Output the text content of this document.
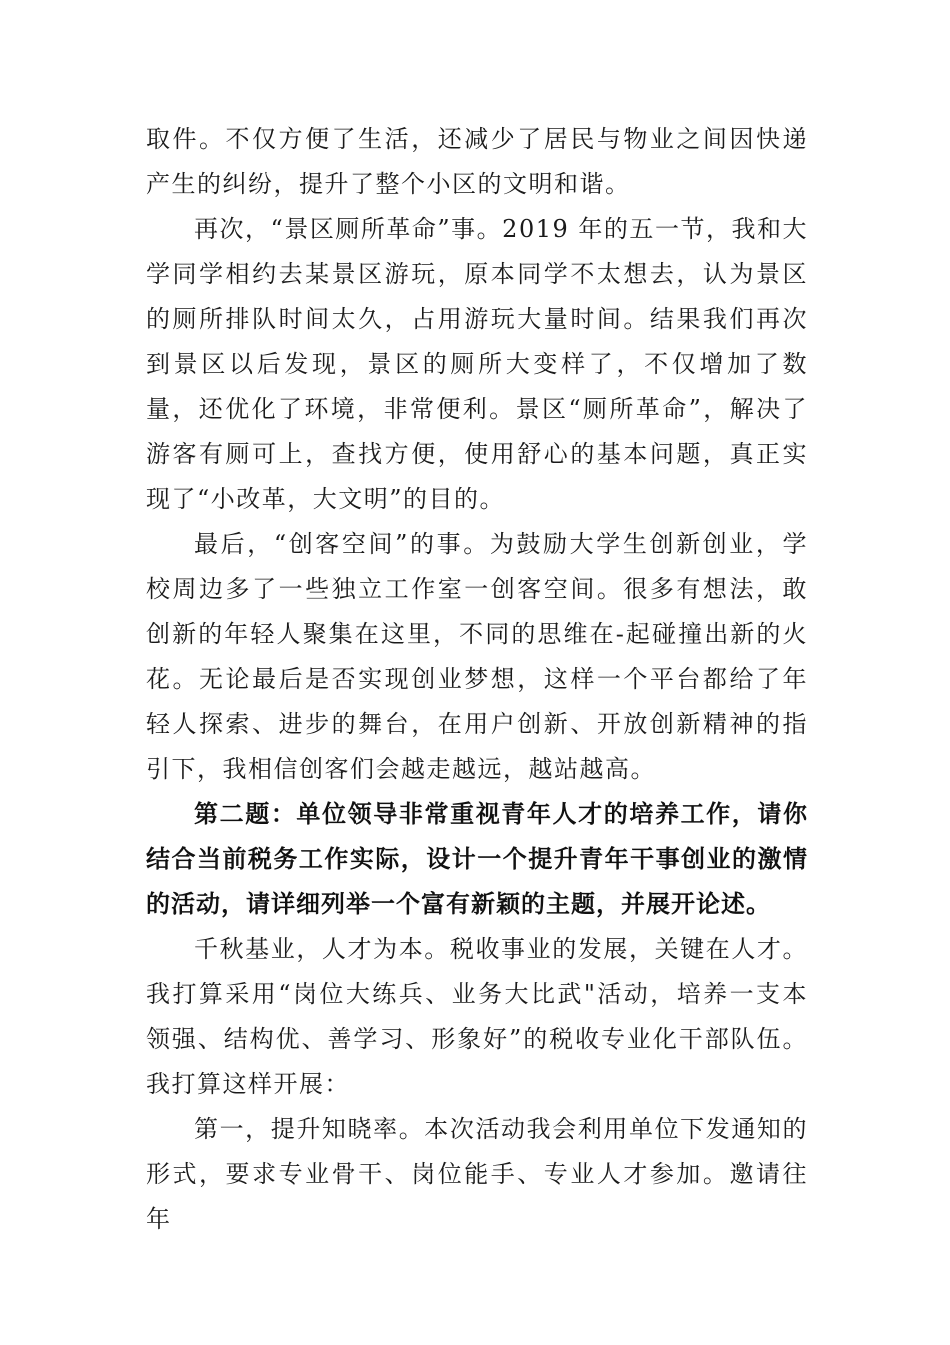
取件。不仅方便了生活，还减少了居民与物业之间因快递产生的纠纷，提升了整个小区的文明和谐。

再次，“景区厕所革命”事。2019 年的五一节，我和大学同学相约去某景区游玩，原本同学不太想去，认为景区的厕所排队时间太久，占用游玩大量时间。结果我们再次到景区以后发现，景区的厕所大变样了，不仅增加了数量，还优化了环境，非常便利。景区“厕所革命”，解决了游客有厕可上，查找方便，使用舒心的基本问题，真正实现了“小改革，大文明”的目的。

最后，“创客空间”的事。为鼓励大学生创新创业，学校周边多了一些独立工作室一创客空间。很多有想法，敢创新的年轻人聚集在这里，不同的思维在-起碰撞出新的火花。无论最后是否实现创业梦想，这样一个平台都给了年轻人探索、进步的舞台，在用户创新、开放创新精神的指引下，我相信创客们会越走越远，越站越高。

第二题：单位领导非常重视青年人才的培养工作，请你结合当前税务工作实际，设计一个提升青年干事创业的激情的活动，请详细列举一个富有新颖的主题，并展开论述。

千秋基业，人才为本。税收事业的发展，关键在人才。我打算采用“岗位大练兵、业务大比武"活动，培养一支本领强、结构优、善学习、形象好”的税收专业化干部队伍。我打算这样开展：

第一，提升知晓率。本次活动我会利用单位下发通知的形式，要求专业骨干、岗位能手、专业人才参加。邀请往年
